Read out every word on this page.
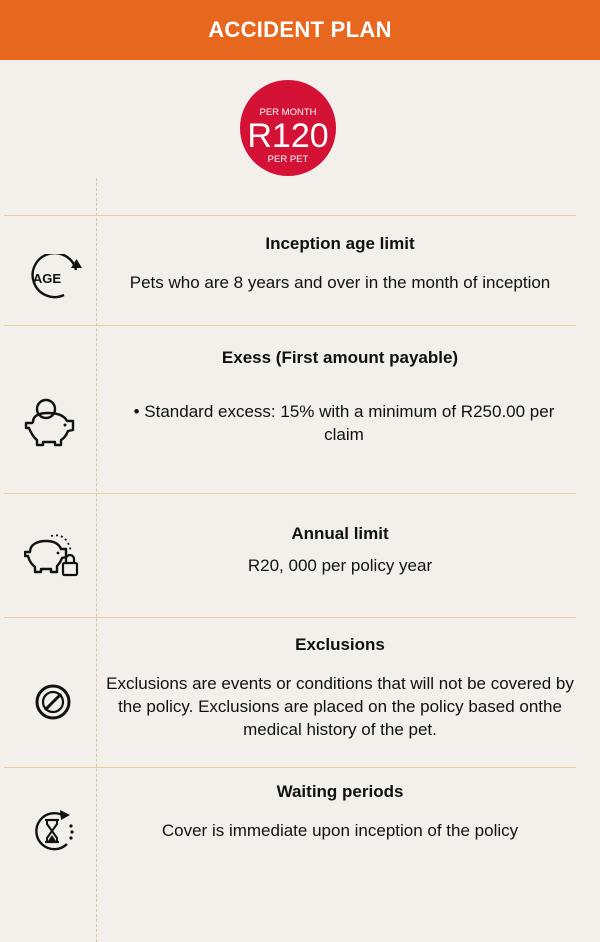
ACCIDENT PLAN
PER MONTH
R120
PER PET
AGE
Inception age limit
Pets who are 8 years and over in the month of inception
Exess (First amount payable)
• Standard excess: 15% with a minimum of R250.00 per claim
Annual limit
R20, 000 per policy year
Exclusions
Exclusions are events or conditions that will not be covered by the policy. Exclusions are placed on the policy based onthe medical history of the pet.
Waiting periods
Cover is immediate upon inception of the policy
